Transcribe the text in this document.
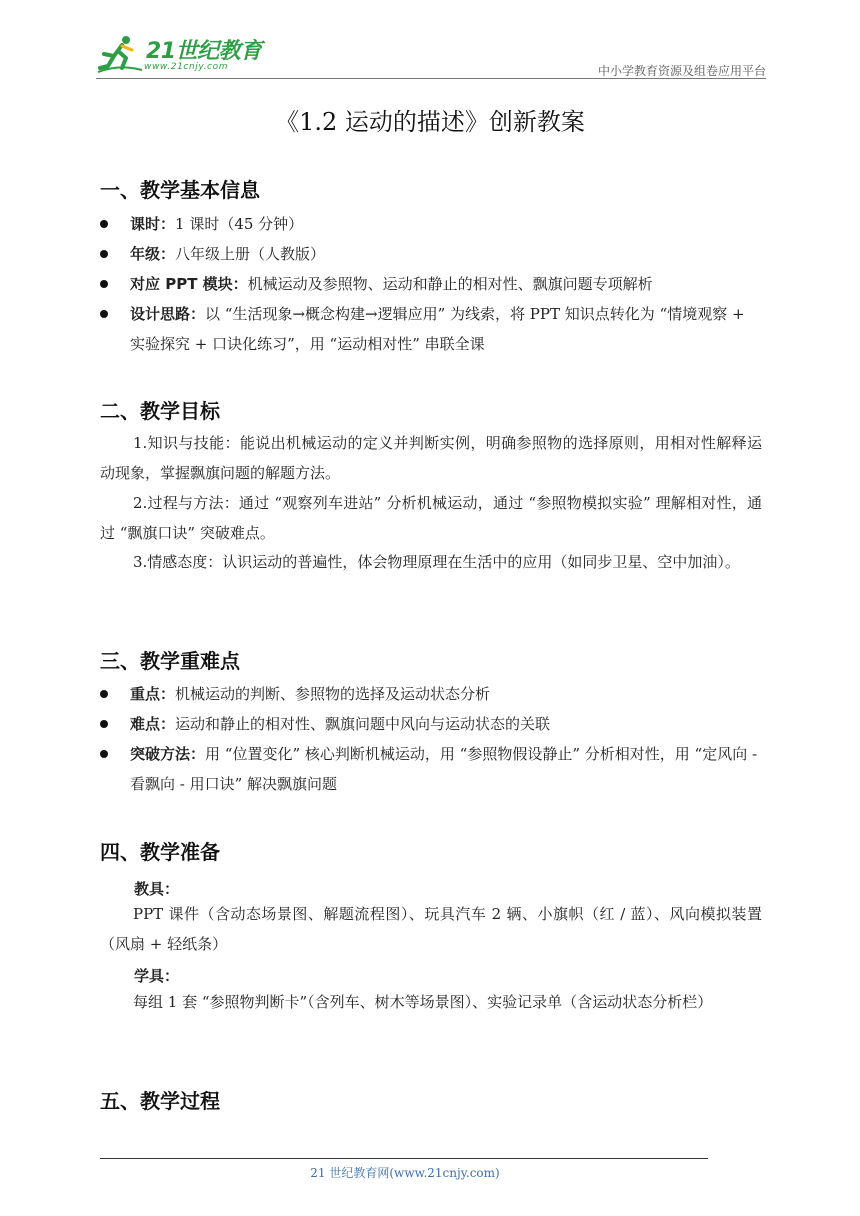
21世纪教育
www.21cnjy.com	中小学教育资源及组卷应用平台
《1.2 运动的描述》创新教案
一、教学基本信息

课时：1 课时（45 分钟）

年级：八年级上册（人教版）

对应 PPT 模块：机械运动及参照物、运动和静止的相对性、飘旗问题专项解析

设计思路：以 “生活现象→概念构建→逻辑应用” 为线索，将 PPT 知识点转化为 “情境观察 + 实验探究 + 口诀化练习”，用 “运动相对性” 串联全课

二、教学目标

1.知识与技能：能说出机械运动的定义并判断实例，明确参照物的选择原则，用相对性解释运动现象，掌握飘旗问题的解题方法。

2.过程与方法：通过 “观察列车进站” 分析机械运动，通过 “参照物模拟实验” 理解相对性，通过 “飘旗口诀” 突破难点。

3.情感态度：认识运动的普遍性，体会物理原理在生活中的应用（如同步卫星、空中加油）。

三、教学重难点

重点：机械运动的判断、参照物的选择及运动状态分析

难点：运动和静止的相对性、飘旗问题中风向与运动状态的关联

突破方法：用 “位置变化” 核心判断机械运动，用 “参照物假设静止” 分析相对性，用 “定风向 - 看飘向 - 用口诀” 解决飘旗问题

四、教学准备
教具：

PPT 课件（含动态场景图、解题流程图）、玩具汽车 2 辆、小旗帜（红 / 蓝）、风向模拟装置（风扇 + 轻纸条）

学具：

每组 1 套 “参照物判断卡”（含列车、树木等场景图）、实验记录单（含运动状态分析栏）

五、教学过程
21 世纪教育网(www.21cnjy.com)
